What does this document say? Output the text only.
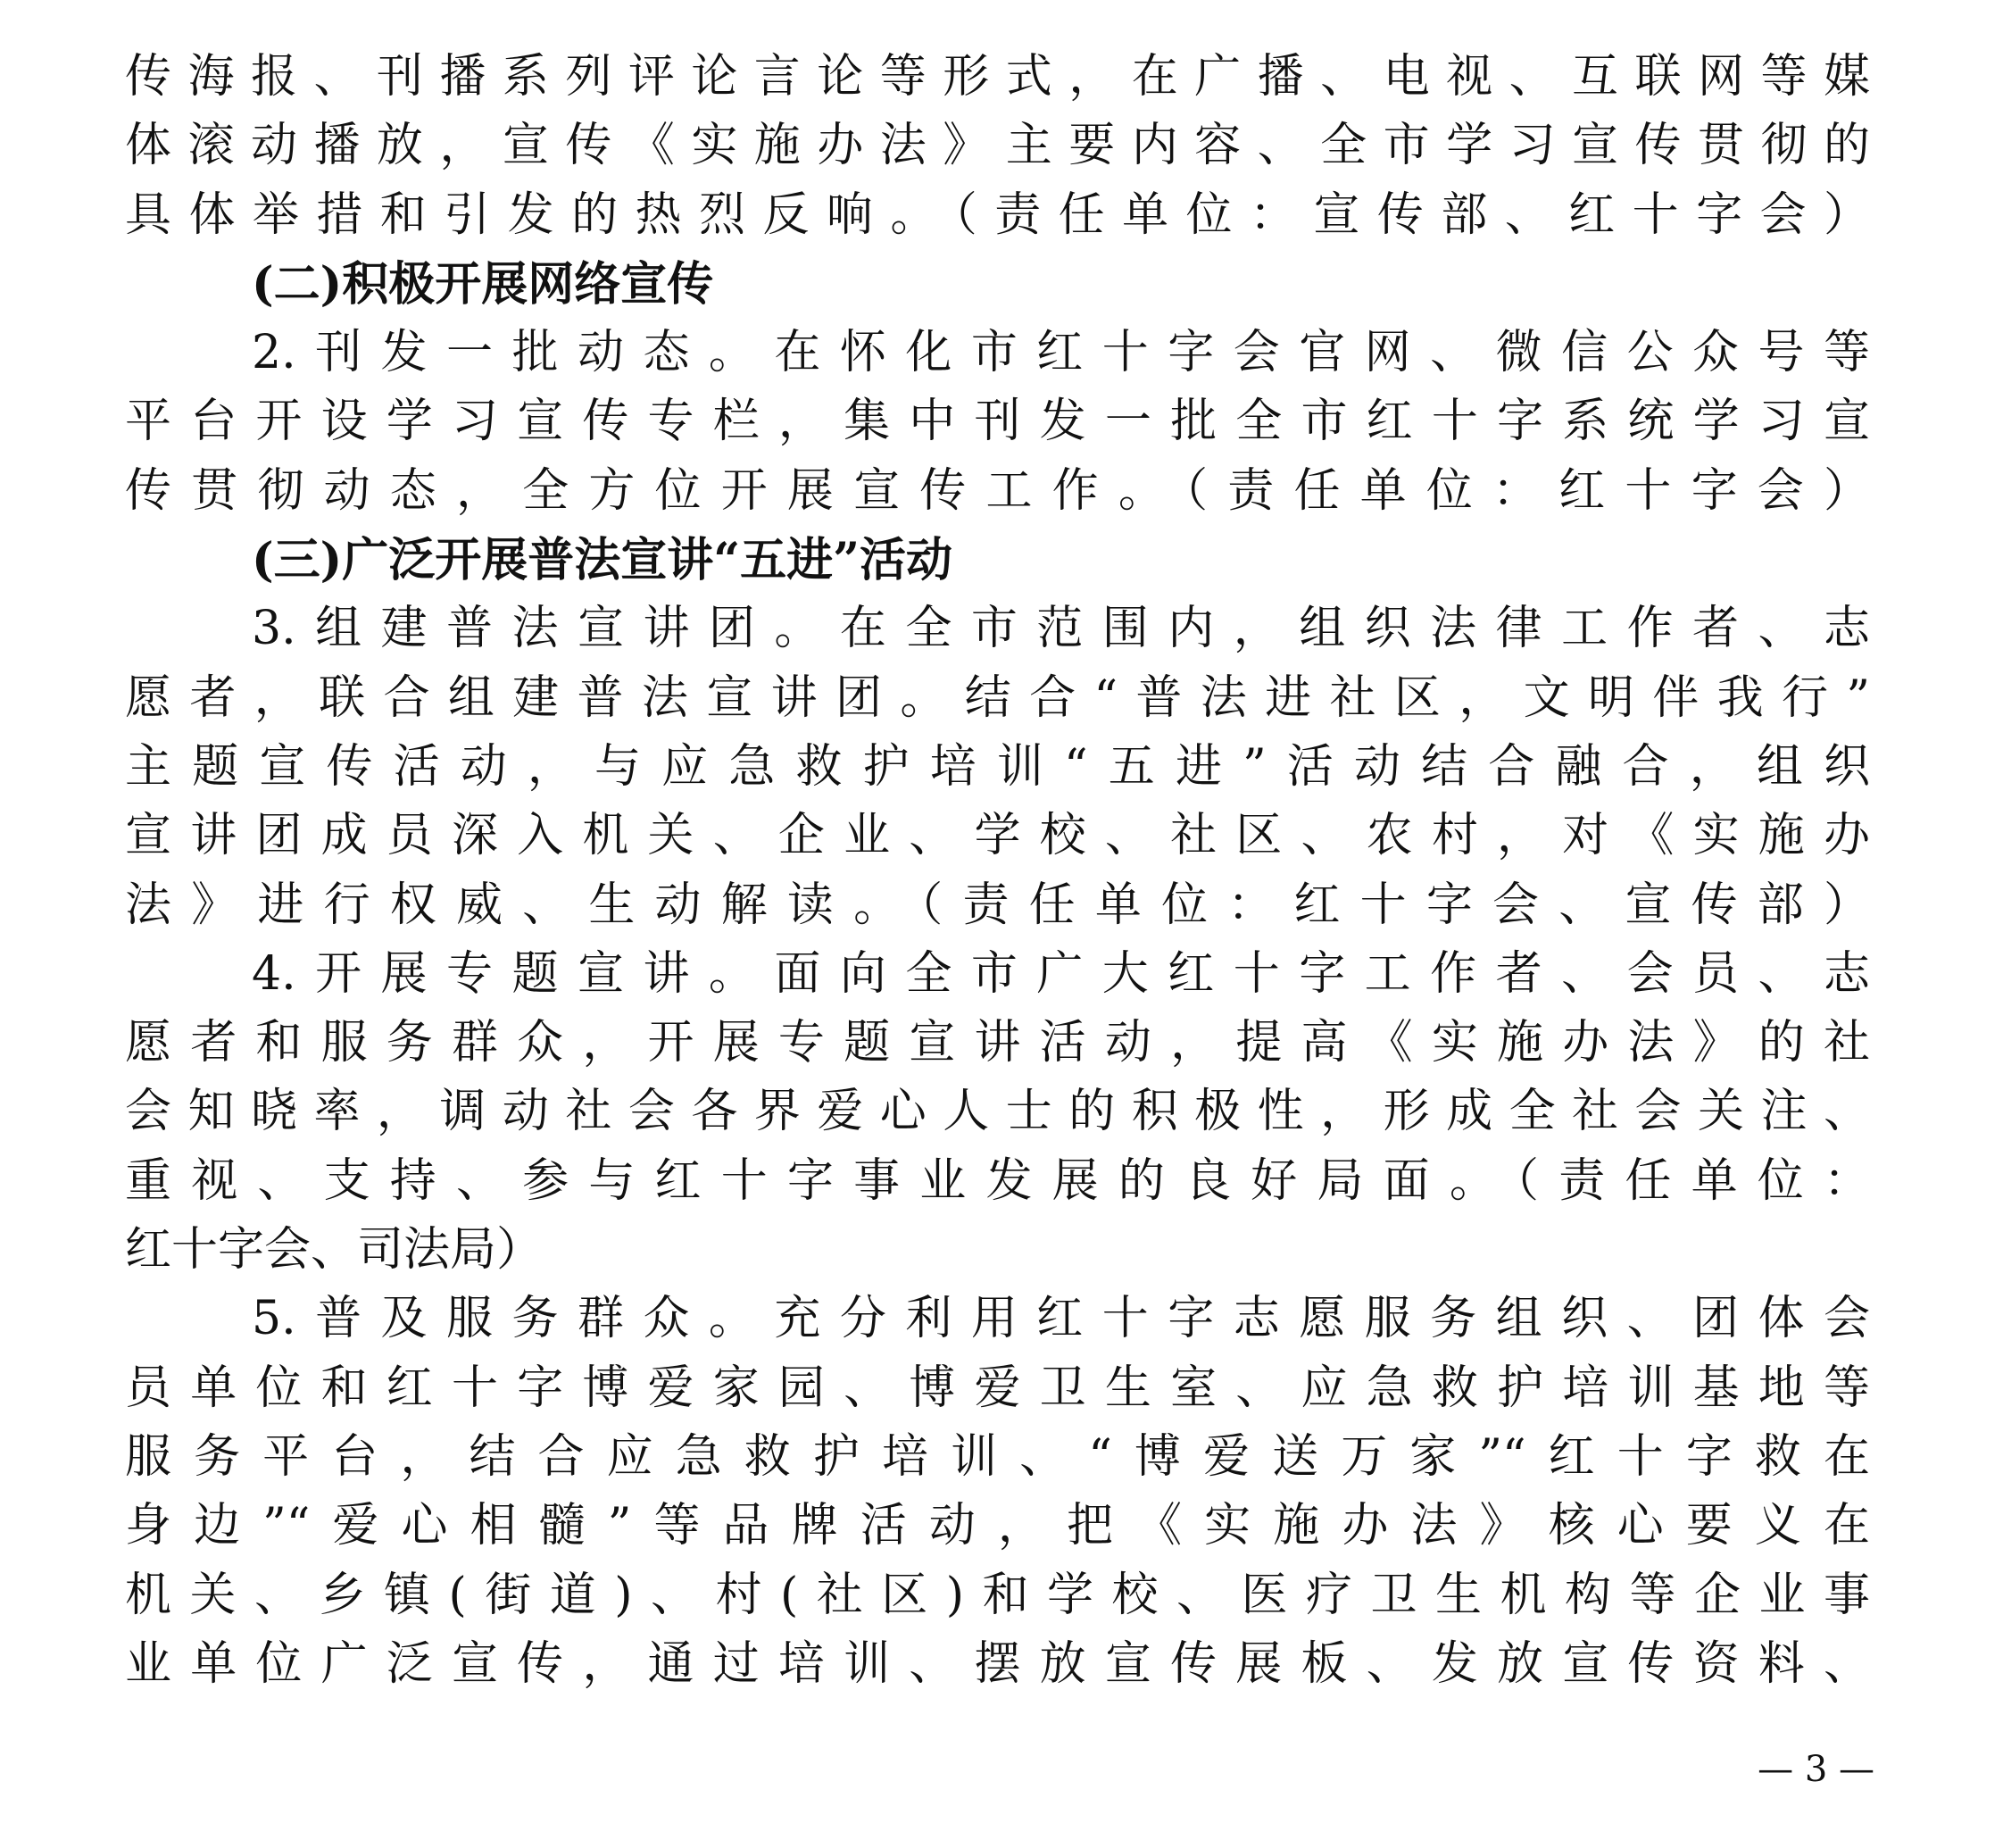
传海报、刊播系列评论言论等形式，在广播、电视、互联网等媒
体滚动播放，宣传《实施办法》主要内容、全市学习宣传贯彻的
具体举措和引发的热烈反响。（责任单位：宣传部、红十字会）
(二)积极开展网络宣传
2.刊发一批动态。在怀化市红十字会官网、微信公众号等
平台开设学习宣传专栏，集中刊发一批全市红十字系统学习宣
传贯彻动态，全方位开展宣传工作。（责任单位：红十字会）
(三)广泛开展普法宣讲“五进”活动
3.组建普法宣讲团。在全市范围内，组织法律工作者、志
愿者，联合组建普法宣讲团。结合“普法进社区，文明伴我行”
主题宣传活动，与应急救护培训“五进”活动结合融合，组织
宣讲团成员深入机关、企业、学校、社区、农村，对《实施办
法》进行权威、生动解读。（责任单位：红十字会、宣传部）
4.开展专题宣讲。面向全市广大红十字工作者、会员、志
愿者和服务群众，开展专题宣讲活动，提高《实施办法》的社
会知晓率，调动社会各界爱心人士的积极性，形成全社会关注、
重视、支持、参与红十字事业发展的良好局面。（责任单位：
红十字会、司法局）
5.普及服务群众。充分利用红十字志愿服务组织、团体会
员单位和红十字博爱家园、博爱卫生室、应急救护培训基地等
服务平台，结合应急救护培训、“博爱送万家”“红十字救在
身边”“爱心相髓”等品牌活动，把《实施办法》核心要义在
机关、乡镇(街道)、村(社区)和学校、医疗卫生机构等企业事
业单位广泛宣传，通过培训、摆放宣传展板、发放宣传资料、
— 3 —
